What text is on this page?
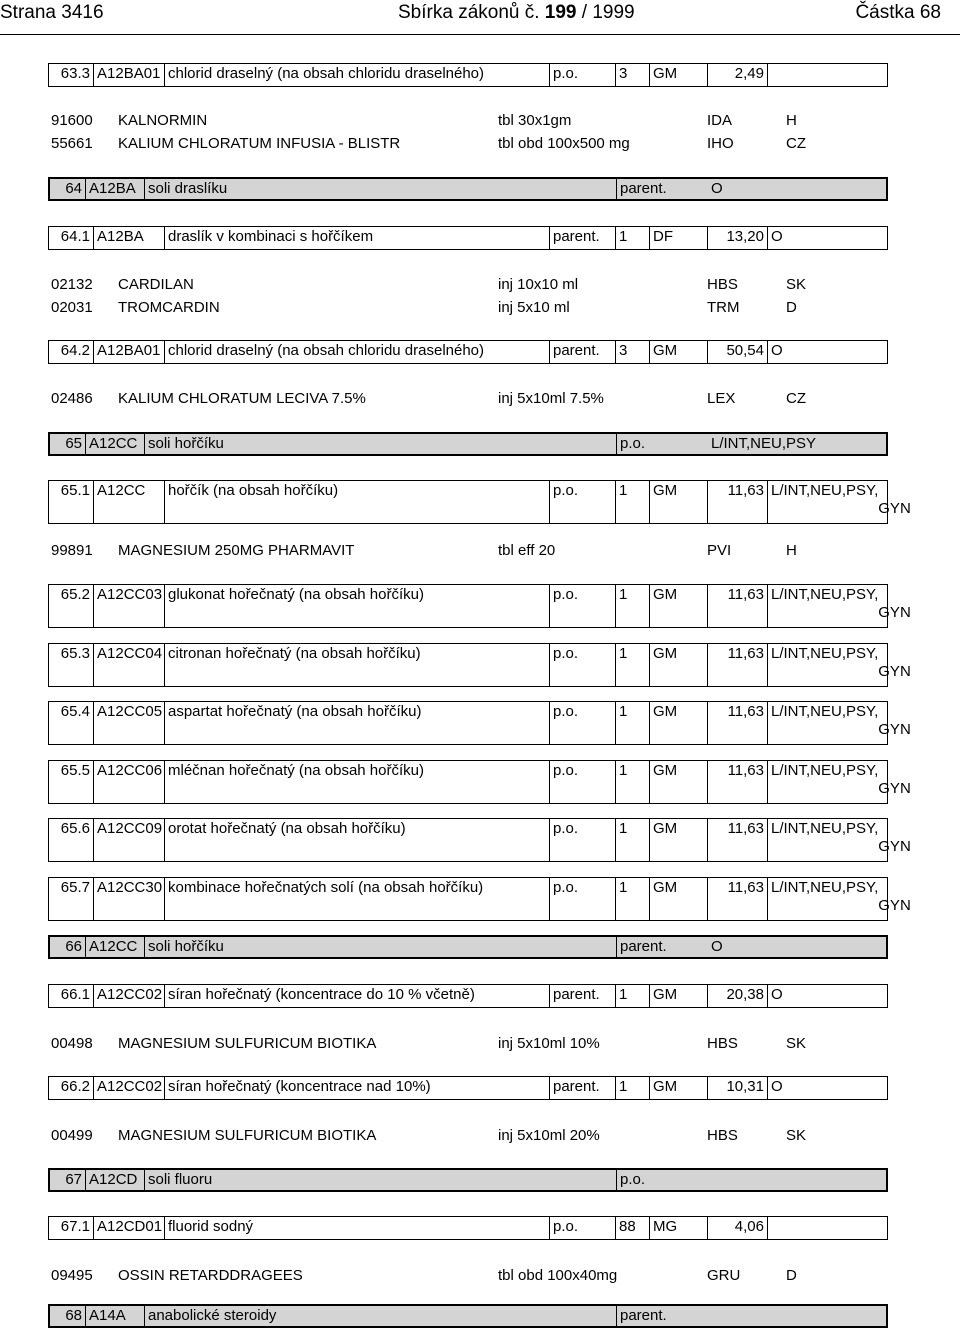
Strana 3416	Sbírka zákonů č. 199 / 1999	Částka 68
63.3 A12BA01 chlorid draselný (na obsah chloridu draselného)	p.o.	3	GM	2,49
91600 KALNORMIN	tbl 30x1gm	IDA	H
55661 KALIUM CHLORATUM INFUSIA - BLISTR	tbl obd 100x500 mg	IHO	CZ
64 A12BA soli draslíku	parent.	O
64.1 A12BA	draslík v kombinaci s hořčíkem	parent.	1	DF	13,20 O
02132 CARDILAN	inj 10x10 ml	HBS	SK
02031 TROMCARDIN	inj 5x10 ml	TRM	D
64.2 A12BA01 chlorid draselný (na obsah chloridu draselného)	parent.	3	GM	50,54 O
02486 KALIUM CHLORATUM LECIVA 7.5%	inj 5x10ml 7.5%	LEX	CZ
65 A12CC soli hořčíku	p.o.	L/INT,NEU,PSY
65.1 A12CC	hořčík (na obsah hořčíku)	p.o.	1	GM	11,63 L/INT,NEU,PSY,
GYN
99891 MAGNESIUM 250MG PHARMAVIT	tbl eff 20	PVI	H
65.2 A12CC03 glukonat hořečnatý (na obsah hořčíku)	p.o.	1	GM	11,63 L/INT,NEU,PSY,
GYN
65.3 A12CC04 citronan hořečnatý (na obsah hořčíku)	p.o.	1	GM	11,63 L/INT,NEU,PSY,
GYN
65.4 A12CC05 aspartat hořečnatý (na obsah hořčíku)	p.o.	1	GM	11,63 L/INT,NEU,PSY,
GYN
65.5 A12CC06 mléčnan hořečnatý (na obsah hořčíku)	p.o.	1	GM	11,63 L/INT,NEU,PSY,
GYN
65.6 A12CC09 orotat hořečnatý (na obsah hořčíku)	p.o.	1	GM	11,63 L/INT,NEU,PSY,
GYN
65.7 A12CC30 kombinace hořečnatých solí (na obsah hořčíku)	p.o.	1	GM	11,63 L/INT,NEU,PSY,
GYN
66 A12CC soli hořčíku	parent.	O
66.1 A12CC02 síran hořečnatý (koncentrace do 10 % včetně)	parent.	1	GM	20,38 O
00498 MAGNESIUM SULFURICUM BIOTIKA	inj 5x10ml 10%	HBS	SK
66.2 A12CC02 síran hořečnatý (koncentrace nad 10%)	parent.	1	GM	10,31 O
00499 MAGNESIUM SULFURICUM BIOTIKA	inj 5x10ml 20%	HBS	SK
67 A12CD soli fluoru	p.o.
67.1 A12CD01 fluorid sodný	p.o.	88	MG	4,06
09495 OSSIN RETARDDRAGEES	tbl obd 100x40mg	GRU	D
68 A14A	anabolické steroidy	parent.
